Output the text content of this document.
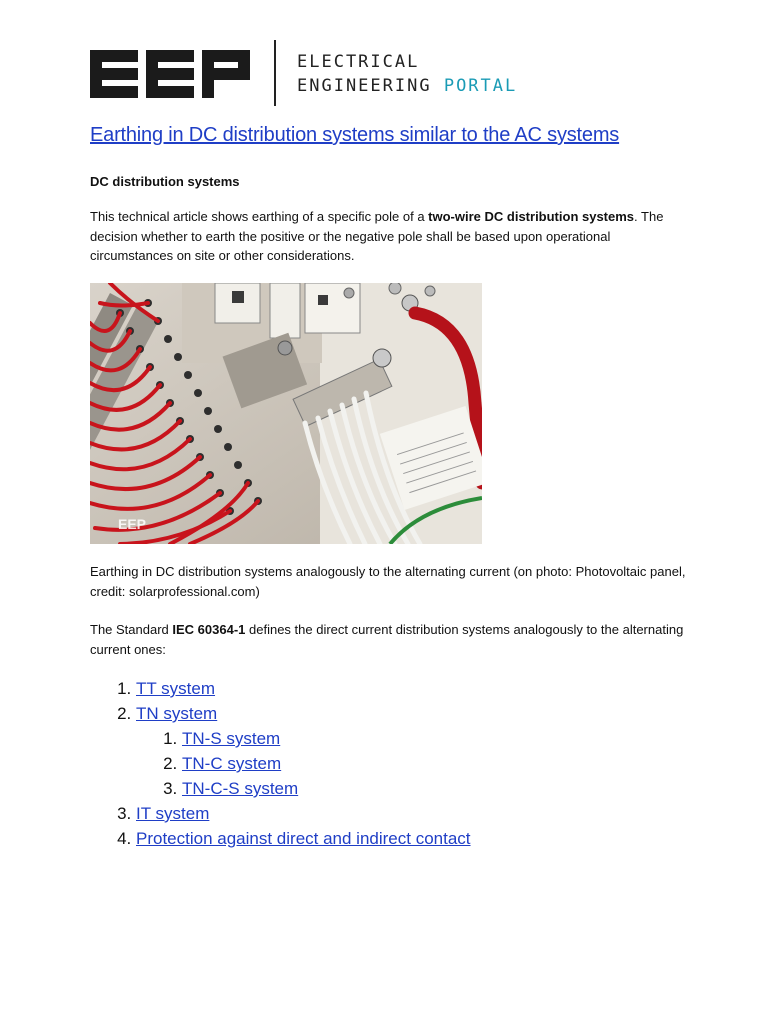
ELECTRICAL
ENGINEERING PORTAL
Earthing in DC distribution systems similar to the AC systems
DC distribution systems
This technical article shows earthing of a specific pole of a two-wire DC distribution systems. The decision whether to earth the positive or the negative pole shall be based upon operational circumstances on site or other considerations.
EEP
Earthing in DC distribution systems analogously to the alternating current (on photo: Photovoltaic panel, credit: solarprofessional.com)
The Standard IEC 60364-1 defines the direct current distribution systems analogously to the alternating current ones:
1. TT system
2. TN system
1. TN-S system
2. TN-C system
3. TN-C-S system
3. IT system
4. Protection against direct and indirect contact
